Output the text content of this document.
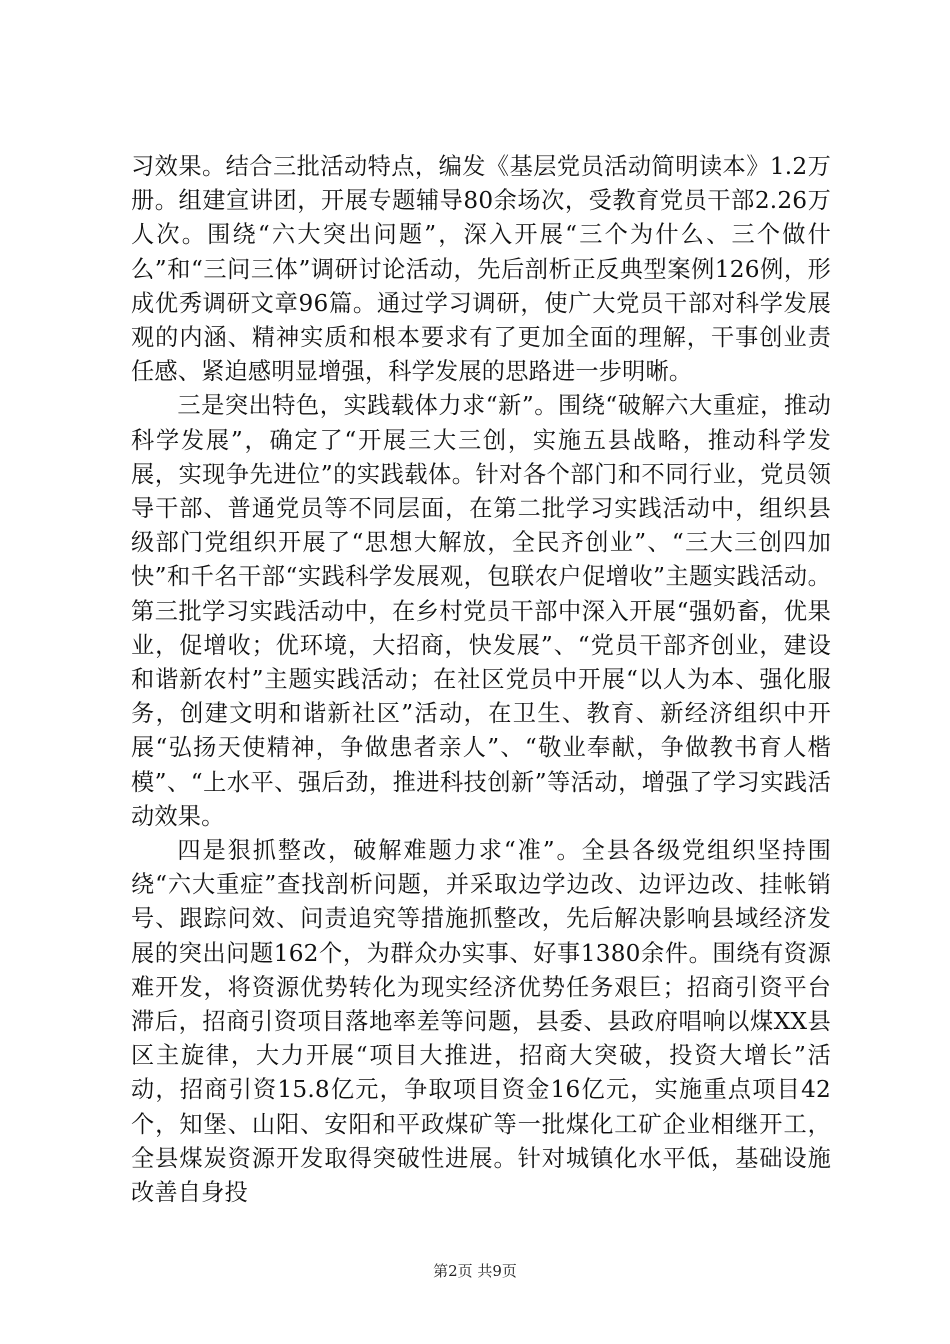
习效果。结合三批活动特点，编发《基层党员活动简明读本》1.2万册。组建宣讲团，开展专题辅导80余场次，受教育党员干部2.26万人次。围绕“六大突出问题”，深入开展“三个为什么、三个做什么”和“三问三体”调研讨论活动，先后剖析正反典型案例126例，形成优秀调研文章96篇。通过学习调研，使广大党员干部对科学发展观的内涵、精神实质和根本要求有了更加全面的理解，干事创业责任感、紧迫感明显增强，科学发展的思路进一步明晰。

三是突出特色，实践载体力求“新”。围绕“破解六大重症，推动科学发展”，确定了“开展三大三创，实施五县战略，推动科学发展，实现争先进位”的实践载体。针对各个部门和不同行业，党员领导干部、普通党员等不同层面，在第二批学习实践活动中，组织县级部门党组织开展了“思想大解放，全民齐创业”、“三大三创四加快”和千名干部“实践科学发展观，包联农户促增收”主题实践活动。第三批学习实践活动中，在乡村党员干部中深入开展“强奶畜，优果业，促增收；优环境，大招商，快发展”、“党员干部齐创业，建设和谐新农村”主题实践活动；在社区党员中开展“以人为本、强化服务，创建文明和谐新社区”活动，在卫生、教育、新经济组织中开展“弘扬天使精神，争做患者亲人”、“敬业奉献，争做教书育人楷模”、“上水平、强后劲，推进科技创新”等活动，增强了学习实践活动效果。

四是狠抓整改，破解难题力求“准”。全县各级党组织坚持围绕“六大重症”查找剖析问题，并采取边学边改、边评边改、挂帐销号、跟踪问效、问责追究等措施抓整改，先后解决影响县域经济发展的突出问题162个，为群众办实事、好事1380余件。围绕有资源难开发，将资源优势转化为现实经济优势任务艰巨；招商引资平台滞后，招商引资项目落地率差等问题，县委、县政府唱响以煤XX县区主旋律，大力开展“项目大推进，招商大突破，投资大增长”活动，招商引资15.8亿元，争取项目资金16亿元，实施重点项目42个，知堡、山阳、安阳和平政煤矿等一批煤化工矿企业相继开工，全县煤炭资源开发取得突破性进展。针对城镇化水平低，基础设施改善自身投

第2页 共9页
